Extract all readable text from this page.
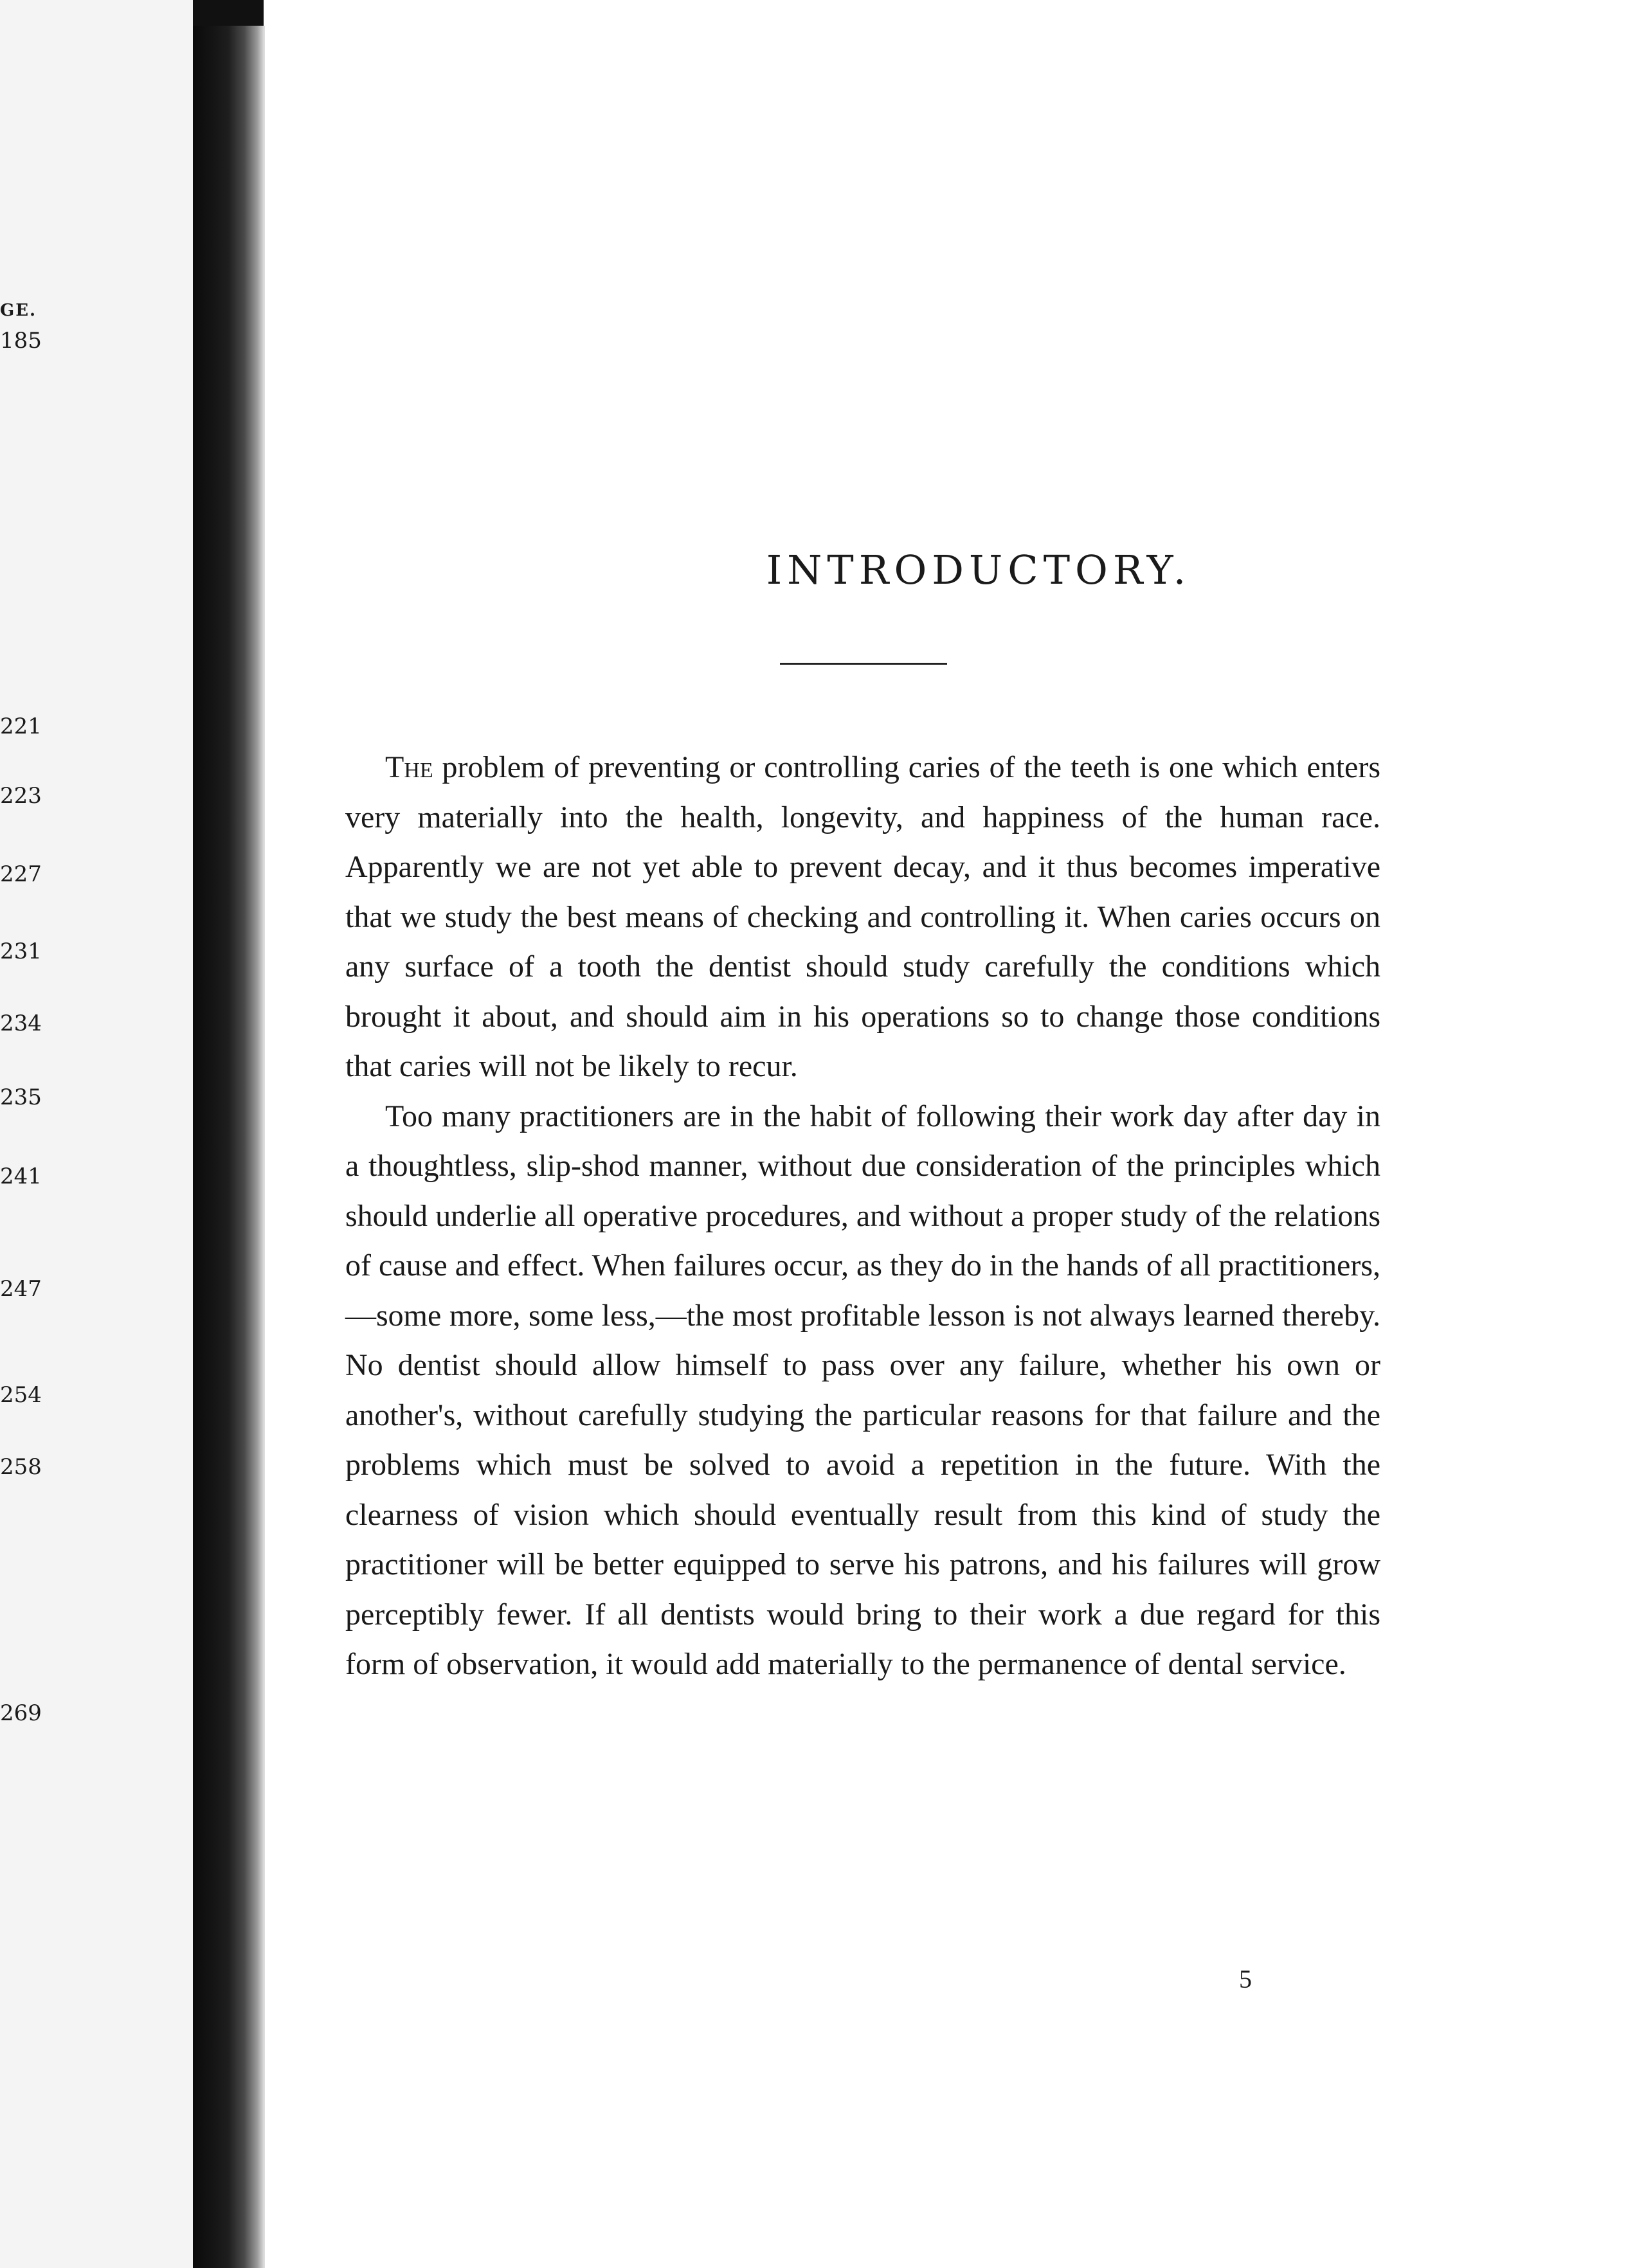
GE.
185
221
223
227
231
234
235
241
247
254
258
269
INTRODUCTORY.

The problem of preventing or controlling caries of the teeth is one which enters very materially into the health, longevity, and happiness of the human race. Apparently we are not yet able to prevent decay, and it thus becomes imperative that we study the best means of checking and controlling it. When caries occurs on any surface of a tooth the dentist should study carefully the conditions which brought it about, and should aim in his operations so to change those conditions that caries will not be likely to recur.

Too many practitioners are in the habit of following their work day after day in a thoughtless, slip-shod manner, without due consideration of the principles which should underlie all operative procedures, and without a proper study of the relations of cause and effect. When failures occur, as they do in the hands of all practitioners,—some more, some less,—the most profitable lesson is not always learned thereby. No dentist should allow himself to pass over any failure, whether his own or another's, without carefully studying the particular reasons for that failure and the problems which must be solved to avoid a repetition in the future. With the clearness of vision which should eventually result from this kind of study the practitioner will be better equipped to serve his patrons, and his failures will grow perceptibly fewer. If all dentists would bring to their work a due regard for this form of observation, it would add materially to the permanence of dental service.

5
